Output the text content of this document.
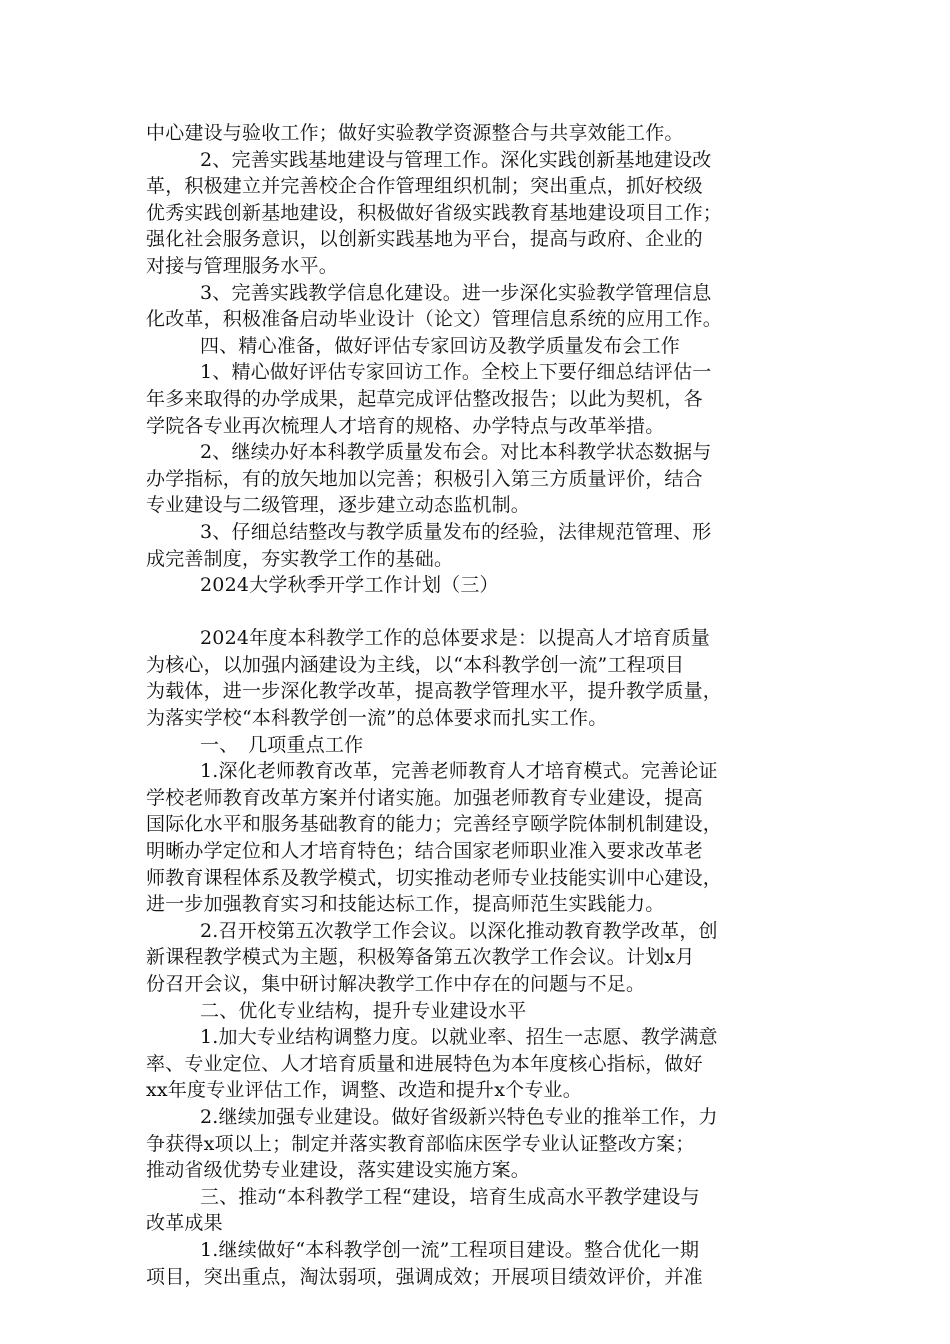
中心建设与验收工作；做好实验教学资源整合与共享效能工作。
2、完善实践基地建设与管理工作。深化实践创新基地建设改
革，积极建立并完善校企合作管理组织机制；突出重点，抓好校级
优秀实践创新基地建设，积极做好省级实践教育基地建设项目工作；
强化社会服务意识，以创新实践基地为平台，提高与政府、企业的
对接与管理服务水平。
3、完善实践教学信息化建设。进一步深化实验教学管理信息
化改革，积极准备启动毕业设计（论文）管理信息系统的应用工作。
四、精心准备，做好评估专家回访及教学质量发布会工作
1、精心做好评估专家回访工作。全校上下要仔细总结评估一
年多来取得的办学成果，起草完成评估整改报告；以此为契机，各
学院各专业再次梳理人才培育的规格、办学特点与改革举措。
2、继续办好本科教学质量发布会。对比本科教学状态数据与
办学指标，有的放矢地加以完善；积极引入第三方质量评价，结合
专业建设与二级管理，逐步建立动态监机制。
3、仔细总结整改与教学质量发布的经验，法律规范管理、形
成完善制度，夯实教学工作的基础。
2024大学秋季开学工作计划（三）
2024年度本科教学工作的总体要求是：以提高人才培育质量
为核心，以加强内涵建设为主线，以“本科教学创一流”工程项目
为载体，进一步深化教学改革，提高教学管理水平，提升教学质量，
为落实学校“本科教学创一流”的总体要求而扎实工作。
一、　几项重点工作
1.深化老师教育改革，完善老师教育人才培育模式。完善论证
学校老师教育改革方案并付诸实施。加强老师教育专业建设，提高
国际化水平和服务基础教育的能力；完善经亨颐学院体制机制建设，
明晰办学定位和人才培育特色；结合国家老师职业准入要求改革老
师教育课程体系及教学模式，切实推动老师专业技能实训中心建设，
进一步加强教育实习和技能达标工作，提高师范生实践能力。
2.召开校第五次教学工作会议。以深化推动教育教学改革，创
新课程教学模式为主题，积极筹备第五次教学工作会议。计划x月
份召开会议，集中研讨解决教学工作中存在的问题与不足。
二、优化专业结构，提升专业建设水平
1.加大专业结构调整力度。以就业率、招生一志愿、教学满意
率、专业定位、人才培育质量和进展特色为本年度核心指标，做好
xx年度专业评估工作，调整、改造和提升x个专业。
2.继续加强专业建设。做好省级新兴特色专业的推举工作，力
争获得x项以上；制定并落实教育部临床医学专业认证整改方案；
推动省级优势专业建设，落实建设实施方案。
三、推动“本科教学工程“建设，培育生成高水平教学建设与
改革成果
1.继续做好“本科教学创一流”工程项目建设。整合优化一期
项目，突出重点，淘汰弱项，强调成效；开展项目绩效评价，并准
